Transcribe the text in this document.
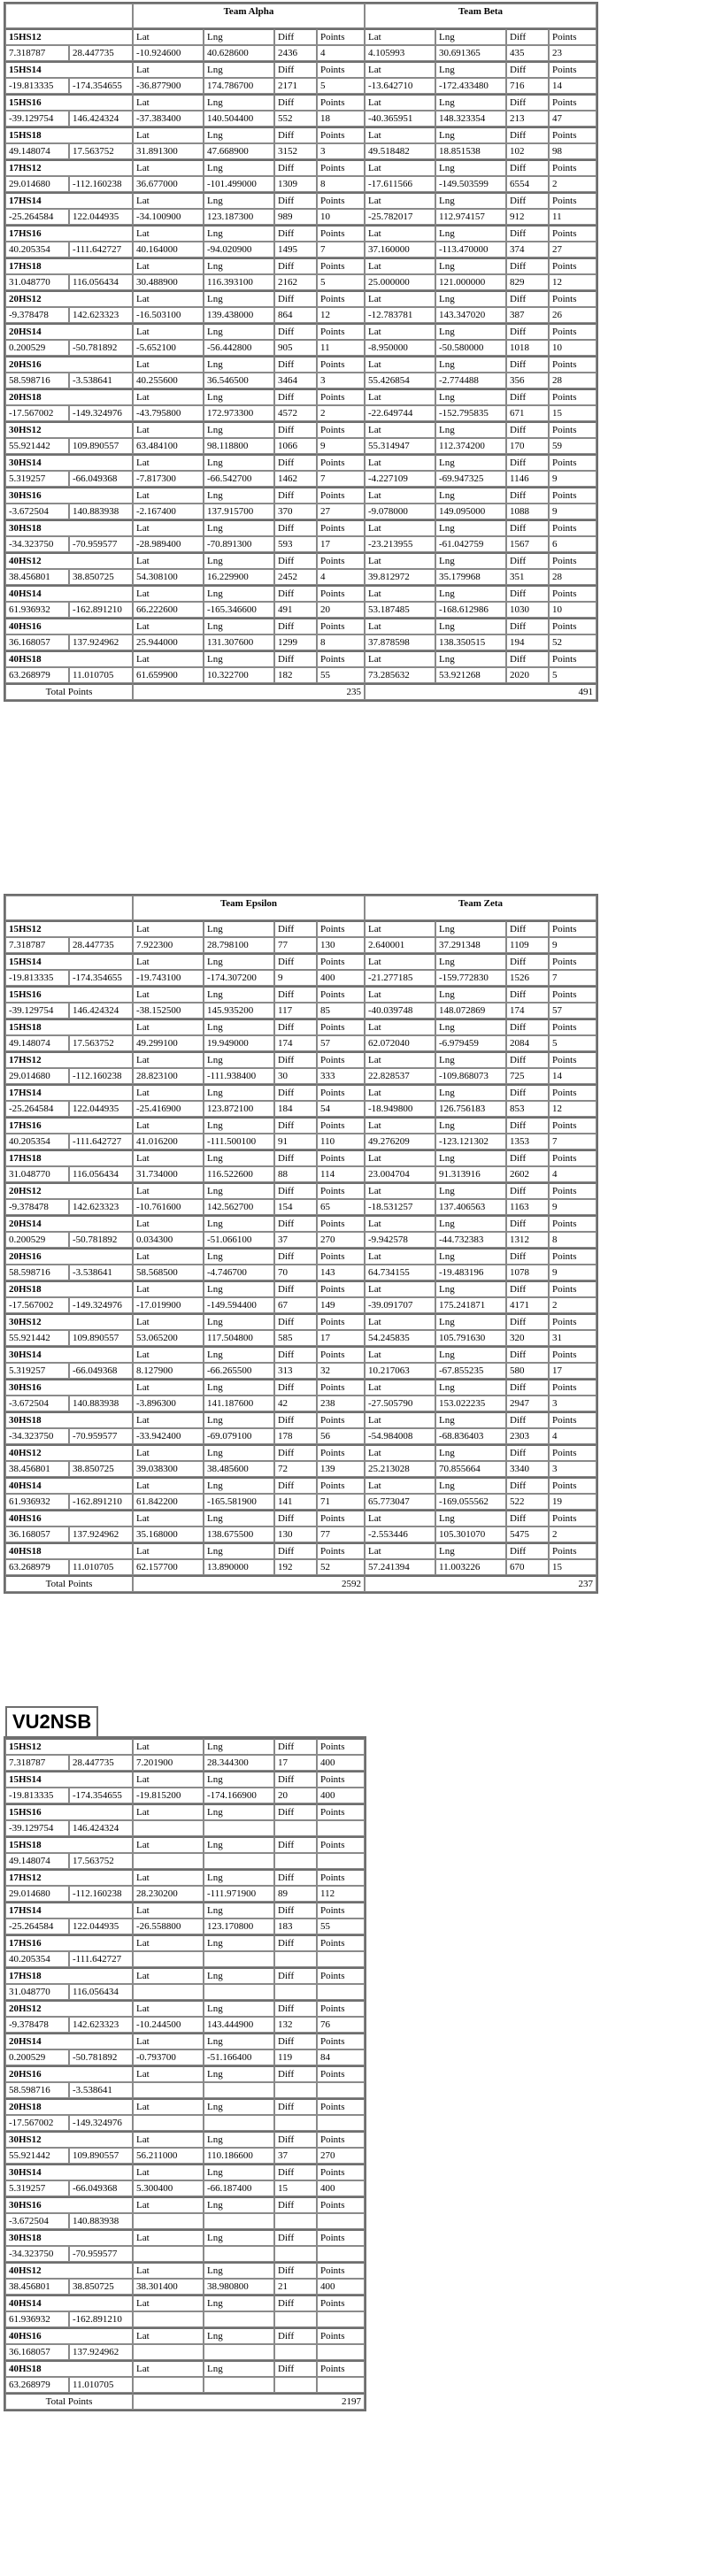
		Team Alpha				Team Beta			
15HS12		Lat	Lng	Diff	Points	Lat	Lng	Diff	Points
7.318787	28.447735	-10.924600	40.628600	2436	4	4.105993	30.691365	435	23
15HS14		Lat	Lng	Diff	Points	Lat	Lng	Diff	Points
-19.813335	-174.354655	-36.877900	174.786700	2171	5	-13.642710	-172.433480	716	14
15HS16		Lat	Lng	Diff	Points	Lat	Lng	Diff	Points
-39.129754	146.424324	-37.383400	140.504400	552	18	-40.365951	148.323354	213	47
15HS18		Lat	Lng	Diff	Points	Lat	Lng	Diff	Points
49.148074	17.563752	31.891300	47.668900	3152	3	49.518482	18.851538	102	98
17HS12		Lat	Lng	Diff	Points	Lat	Lng	Diff	Points
29.014680	-112.160238	36.677000	-101.499000	1309	8	-17.611566	-149.503599	6554	2
17HS14		Lat	Lng	Diff	Points	Lat	Lng	Diff	Points
-25.264584	122.044935	-34.100900	123.187300	989	10	-25.782017	112.974157	912	11
17HS16		Lat	Lng	Diff	Points	Lat	Lng	Diff	Points
40.205354	-111.642727	40.164000	-94.020900	1495	7	37.160000	-113.470000	374	27
17HS18		Lat	Lng	Diff	Points	Lat	Lng	Diff	Points
31.048770	116.056434	30.488900	116.393100	2162	5	25.000000	121.000000	829	12
20HS12		Lat	Lng	Diff	Points	Lat	Lng	Diff	Points
-9.378478	142.623323	-16.503100	139.438000	864	12	-12.783781	143.347020	387	26
20HS14		Lat	Lng	Diff	Points	Lat	Lng	Diff	Points
0.200529	-50.781892	-5.652100	-56.442800	905	11	-8.950000	-50.580000	1018	10
20HS16		Lat	Lng	Diff	Points	Lat	Lng	Diff	Points
58.598716	-3.538641	40.255600	36.546500	3464	3	55.426854	-2.774488	356	28
20HS18		Lat	Lng	Diff	Points	Lat	Lng	Diff	Points
-17.567002	-149.324976	-43.795800	172.973300	4572	2	-22.649744	-152.795835	671	15
30HS12		Lat	Lng	Diff	Points	Lat	Lng	Diff	Points
55.921442	109.890557	63.484100	98.118800	1066	9	55.314947	112.374200	170	59
30HS14		Lat	Lng	Diff	Points	Lat	Lng	Diff	Points
5.319257	-66.049368	-7.817300	-66.542700	1462	7	-4.227109	-69.947325	1146	9
30HS16		Lat	Lng	Diff	Points	Lat	Lng	Diff	Points
-3.672504	140.883938	-2.167400	137.915700	370	27	-9.078000	149.095000	1088	9
30HS18		Lat	Lng	Diff	Points	Lat	Lng	Diff	Points
-34.323750	-70.959577	-28.989400	-70.891300	593	17	-23.213955	-61.042759	1567	6
40HS12		Lat	Lng	Diff	Points	Lat	Lng	Diff	Points
38.456801	38.850725	54.308100	16.229900	2452	4	39.812972	35.179968	351	28
40HS14		Lat	Lng	Diff	Points	Lat	Lng	Diff	Points
61.936932	-162.891210	66.222600	-165.346600	491	20	53.187485	-168.612986	1030	10
40HS16		Lat	Lng	Diff	Points	Lat	Lng	Diff	Points
36.168057	137.924962	25.944000	131.307600	1299	8	37.878598	138.350515	194	52
40HS18		Lat	Lng	Diff	Points	Lat	Lng	Diff	Points
63.268979	11.010705	61.659900	10.322700	182	55	73.285632	53.921268	2020	5
Total Points		235				491			
		Team Epsilon				Team Zeta			
15HS12		Lat	Lng	Diff	Points	Lat	Lng	Diff	Points
7.318787	28.447735	7.922300	28.798100	77	130	2.640001	37.291348	1109	9
15HS14		Lat	Lng	Diff	Points	Lat	Lng	Diff	Points
-19.813335	-174.354655	-19.743100	-174.307200	9	400	-21.277185	-159.772830	1526	7
15HS16		Lat	Lng	Diff	Points	Lat	Lng	Diff	Points
-39.129754	146.424324	-38.152500	145.935200	117	85	-40.039748	148.072869	174	57
15HS18		Lat	Lng	Diff	Points	Lat	Lng	Diff	Points
49.148074	17.563752	49.299100	19.949000	174	57	62.072040	-6.979459	2084	5
17HS12		Lat	Lng	Diff	Points	Lat	Lng	Diff	Points
29.014680	-112.160238	28.823100	-111.938400	30	333	22.828537	-109.868073	725	14
17HS14		Lat	Lng	Diff	Points	Lat	Lng	Diff	Points
-25.264584	122.044935	-25.416900	123.872100	184	54	-18.949800	126.756183	853	12
17HS16		Lat	Lng	Diff	Points	Lat	Lng	Diff	Points
40.205354	-111.642727	41.016200	-111.500100	91	110	49.276209	-123.121302	1353	7
17HS18		Lat	Lng	Diff	Points	Lat	Lng	Diff	Points
31.048770	116.056434	31.734000	116.522600	88	114	23.004704	91.313916	2602	4
20HS12		Lat	Lng	Diff	Points	Lat	Lng	Diff	Points
-9.378478	142.623323	-10.761600	142.562700	154	65	-18.531257	137.406563	1163	9
20HS14		Lat	Lng	Diff	Points	Lat	Lng	Diff	Points
0.200529	-50.781892	0.034300	-51.066100	37	270	-9.942578	-44.732383	1312	8
20HS16		Lat	Lng	Diff	Points	Lat	Lng	Diff	Points
58.598716	-3.538641	58.568500	-4.746700	70	143	64.734155	-19.483196	1078	9
20HS18		Lat	Lng	Diff	Points	Lat	Lng	Diff	Points
-17.567002	-149.324976	-17.019900	-149.594400	67	149	-39.091707	175.241871	4171	2
30HS12		Lat	Lng	Diff	Points	Lat	Lng	Diff	Points
55.921442	109.890557	53.065200	117.504800	585	17	54.245835	105.791630	320	31
30HS14		Lat	Lng	Diff	Points	Lat	Lng	Diff	Points
5.319257	-66.049368	8.127900	-66.265500	313	32	10.217063	-67.855235	580	17
30HS16		Lat	Lng	Diff	Points	Lat	Lng	Diff	Points
-3.672504	140.883938	-3.896300	141.187600	42	238	-27.505790	153.022235	2947	3
30HS18		Lat	Lng	Diff	Points	Lat	Lng	Diff	Points
-34.323750	-70.959577	-33.942400	-69.079100	178	56	-54.984008	-68.836403	2303	4
40HS12		Lat	Lng	Diff	Points	Lat	Lng	Diff	Points
38.456801	38.850725	39.038300	38.485600	72	139	25.213028	70.855664	3340	3
40HS14		Lat	Lng	Diff	Points	Lat	Lng	Diff	Points
61.936932	-162.891210	61.842200	-165.581900	141	71	65.773047	-169.055562	522	19
40HS16		Lat	Lng	Diff	Points	Lat	Lng	Diff	Points
36.168057	137.924962	35.168000	138.675500	130	77	-2.553446	105.301070	5475	2
40HS18		Lat	Lng	Diff	Points	Lat	Lng	Diff	Points
63.268979	11.010705	62.157700	13.890000	192	52	57.241394	11.003226	670	15
Total Points		2592				237			
VU2NSB
15HS12		Lat	Lng	Diff	Points
7.318787	28.447735	7.201900	28.344300	17	400
15HS14		Lat	Lng	Diff	Points
-19.813335	-174.354655	-19.815200	-174.166900	20	400
15HS16		Lat	Lng	Diff	Points
-39.129754	146.424324				
15HS18		Lat	Lng	Diff	Points
49.148074	17.563752				
17HS12		Lat	Lng	Diff	Points
29.014680	-112.160238	28.230200	-111.971900	89	112
17HS14		Lat	Lng	Diff	Points
-25.264584	122.044935	-26.558800	123.170800	183	55
17HS16		Lat	Lng	Diff	Points
40.205354	-111.642727				
17HS18		Lat	Lng	Diff	Points
31.048770	116.056434				
20HS12		Lat	Lng	Diff	Points
-9.378478	142.623323	-10.244500	143.444900	132	76
20HS14		Lat	Lng	Diff	Points
0.200529	-50.781892	-0.793700	-51.166400	119	84
20HS16		Lat	Lng	Diff	Points
58.598716	-3.538641				
20HS18		Lat	Lng	Diff	Points
-17.567002	-149.324976				
30HS12		Lat	Lng	Diff	Points
55.921442	109.890557	56.211000	110.186600	37	270
30HS14		Lat	Lng	Diff	Points
5.319257	-66.049368	5.300400	-66.187400	15	400
30HS16		Lat	Lng	Diff	Points
-3.672504	140.883938				
30HS18		Lat	Lng	Diff	Points
-34.323750	-70.959577				
40HS12		Lat	Lng	Diff	Points
38.456801	38.850725	38.301400	38.980800	21	400
40HS14		Lat	Lng	Diff	Points
61.936932	-162.891210				
40HS16		Lat	Lng	Diff	Points
36.168057	137.924962				
40HS18		Lat	Lng	Diff	Points
63.268979	11.010705				
Total Points		2197			
